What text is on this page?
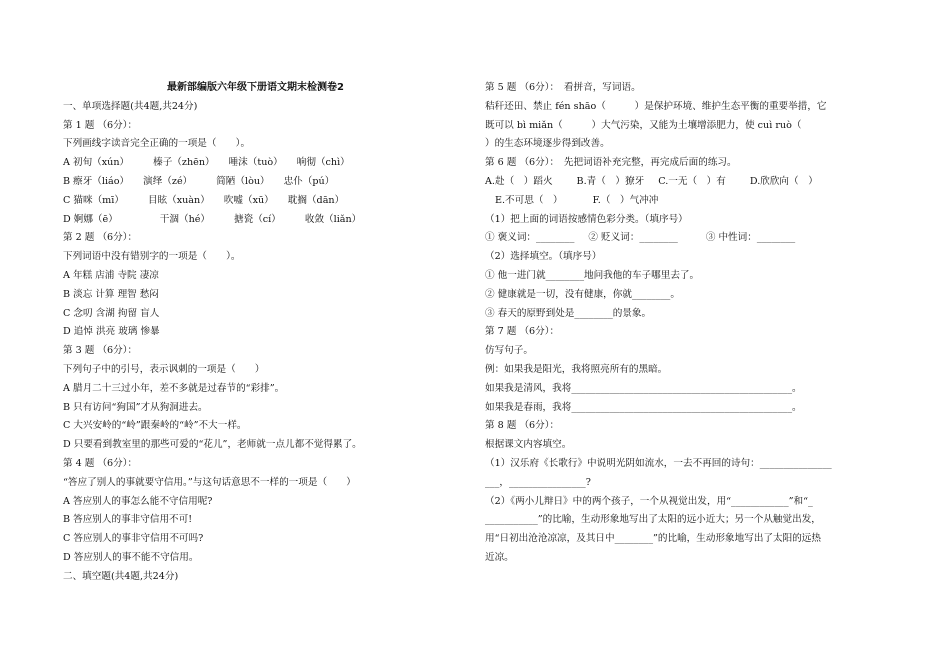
最新部编版六年级下册语文期末检测卷2
一、单项选择题(共4题,共24分)
第 1 题 （6分）：
下列画线字读音完全正确的一项是（　　）。
A 初旬（xún）	榛子（zhēn） 唾沫（tuò） 响彻（chì）
B 瘵牙（liáo） 演绎（zé）	简陋（lòu） 忠仆（pú）
C 猫咪（mī）	目眩（xuàn） 吹嘘（xū） 耽搁（dān）
D 婀娜（ē）	干涸（hé）	搪瓷（cí）	收敛（liǎn）
第 2 题 （6分）：
下列词语中没有错别字的一项是（　　）。
A 年糕 店浦 寺院 凄凉
B 淡忘 计算 理智 愁闷
C 念叨 含湖 拘留 盲人
D 追悼 洪亮 玻璃 惨暴
第 3 题 （6分）：
下列句子中的引号，表示讽刺的一项是（　　）
A 腊月二十三过小年，差不多就是过春节的“彩排”。
B 只有访问“狗国”才从狗洞进去。
C 大兴安岭的“岭”跟秦岭的“岭”不大一样。
D 只要看到教室里的那些可爱的“花儿”，老师就一点儿都不觉得累了。
第 4 题 （6分）：
“答应了别人的事就要守信用。”与这句话意思不一样的一项是（　　）
A 答应别人的事怎么能不守信用呢?
B 答应别人的事非守信用不可!
C 答应别人的事非守信用不可吗?
D 答应别人的事不能不守信用。
二、填空题(共4题,共24分)
第 5 题 （6分）：　看拼音，写词语。
秸秆还田、禁止 fén shāo（　　　）是保护环境、维护生态平衡的重要举措，它
既可以 bì miǎn（　　　）大气污染，又能为土壤增添肥力，使 cuì ruò（
）的生态环境逐步得到改善。
第 6 题 （6分）：　先把词语补充完整，再完成后面的练习。
A.赴（　）蹈火	B.青（　）獠牙 C.一无（　）有	D.欣欣向（　）
E.不可思（　）	F.（　）气冲冲
（1）把上面的词语按感情色彩分类。（填序号）
① 褒义词：________ ② 贬义词：________	③ 中性词：________
（2）选择填空。（填序号）
① 他一进门就________地问我他的车子哪里去了。
② 健康就是一切，没有健康，你就________。
③ 春天的原野到处是________的景象。
第 7 题 （6分）：
仿写句子。
例：如果我是阳光，我将照亮所有的黑暗。
如果我是清风，我将______________________________________________。
如果我是春雨，我将______________________________________________。
第 8 题 （6分）：
根据课文内容填空。
（1）汉乐府《长歌行》中说明光阴如流水，一去不再回的诗句：_______________
___，________________?
（2）《两小儿辩日》中的两个孩子，一个从视觉出发，用“____________”和“_
___________”的比喻，生动形象地写出了太阳的远小近大；另一个从触觉出发，
用“日初出沧沧凉凉，及其日中________”的比喻，生动形象地写出了太阳的远热
近凉。
